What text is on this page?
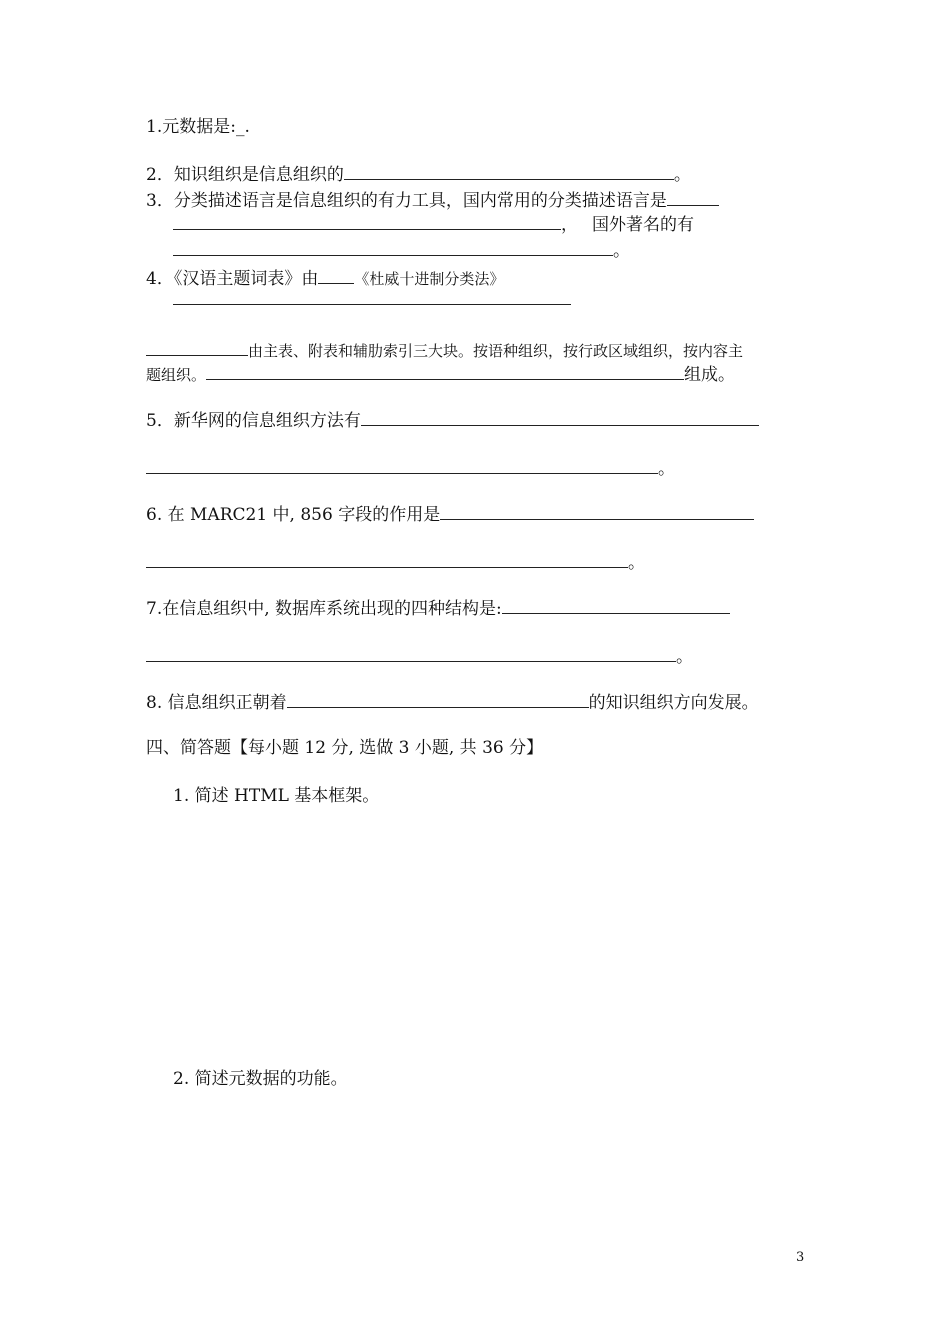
1.元数据是:_.
2．知识组织是信息组织的	。
3．分类描述语言是信息组织的有力工具，国内常用的分类描述语言是
， 国外著名的有
。
4．《汉语主题词表》由 《杜威十进制分类法》
由主表、附表和辅肋索引三大块。按语种组织，按行政区域组织，按内容主
题组织。	组成。
5．新华网的信息组织方法有
。
6. 在 MARC21 中, 856 字段的作用是
。
7.在信息组织中, 数据库系统出现的四种结构是:
。
8. 信息组织正朝着	的知识组织方向发展。
四、简答题【每小题 12 分, 选做 3 小题, 共 36 分】
1. 简述 HTML 基本框架。
2. 简述元数据的功能。
3
